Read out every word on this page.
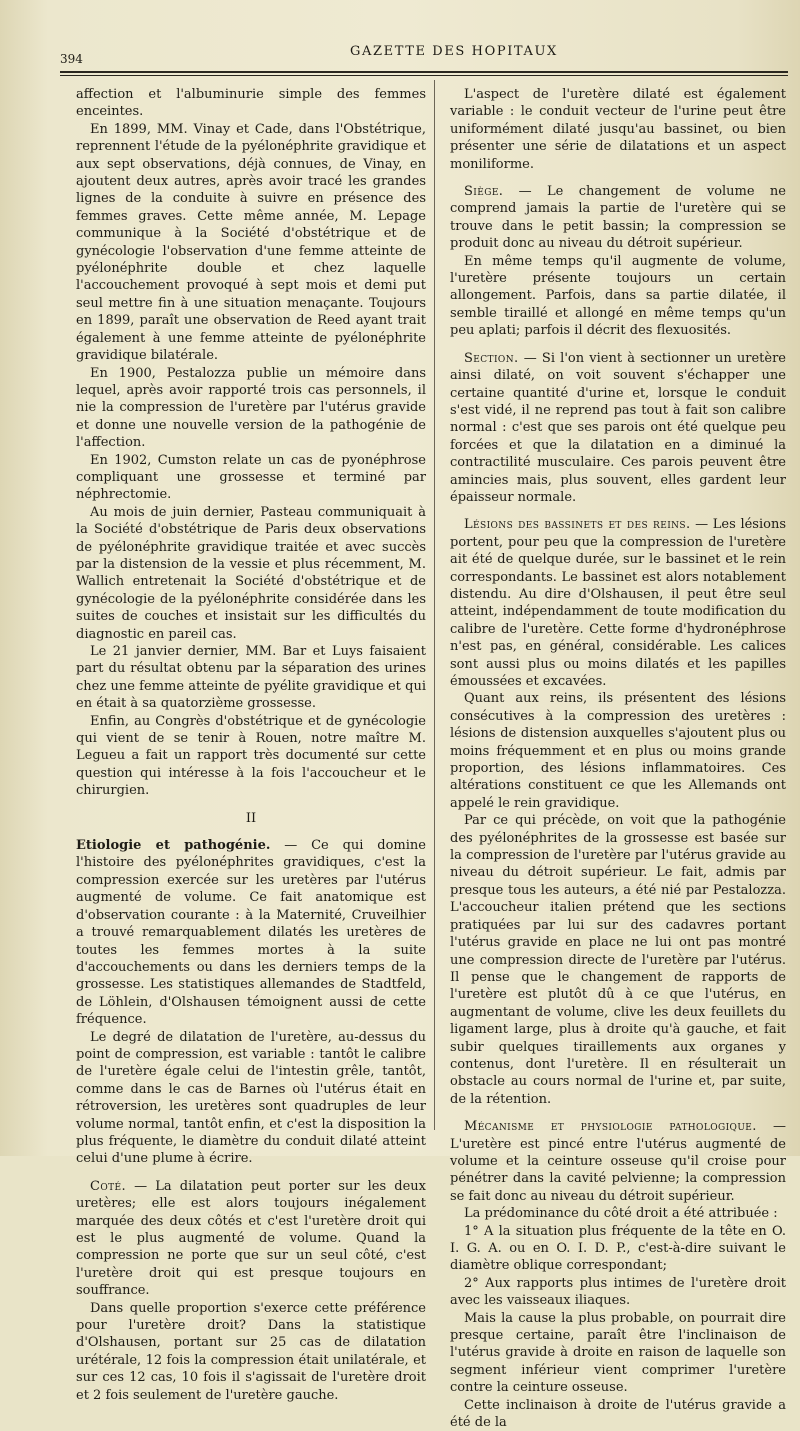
394	GAZETTE DES HOPITAUX

affection et l'albuminurie simple des femmes enceintes.

En 1899, MM. Vinay et Cade, dans l'Obstétrique, reprennent l'étude de la pyélonéphrite gravidique et aux sept observations, déjà connues, de Vinay, en ajoutent deux autres, après avoir tracé les grandes lignes de la conduite à suivre en présence des femmes graves. Cette même année, M. Lepage communique à la Société d'obstétrique et de gynécologie l'observation d'une femme atteinte de pyélonéphrite double et chez laquelle l'accouchement provoqué à sept mois et demi put seul mettre fin à une situation menaçante. Toujours en 1899, paraît une observation de Reed ayant trait également à une femme atteinte de pyélonéphrite gravidique bilatérale.

En 1900, Pestalozza publie un mémoire dans lequel, après avoir rapporté trois cas personnels, il nie la compression de l'uretère par l'utérus gravide et donne une nouvelle version de la pathogénie de l'affection.

En 1902, Cumston relate un cas de pyonéphrose compliquant une grossesse et terminé par néphrectomie.

Au mois de juin dernier, Pasteau communiquait à la Société d'obstétrique de Paris deux observations de pyélonéphrite gravidique traitée et avec succès par la distension de la vessie et plus récemment, M. Wallich entretenait la Société d'obstétrique et de gynécologie de la pyélonéphrite considérée dans les suites de couches et insistait sur les difficultés du diagnostic en pareil cas.

Le 21 janvier dernier, MM. Bar et Luys faisaient part du résultat obtenu par la séparation des urines chez une femme atteinte de pyélite gravidique et qui en était à sa quatorzième grossesse.

Enfin, au Congrès d'obstétrique et de gynécologie qui vient de se tenir à Rouen, notre maître M. Legueu a fait un rapport très documenté sur cette question qui intéresse à la fois l'accoucheur et le chirurgien.

II

Etiologie et pathogénie. — Ce qui domine l'histoire des pyélonéphrites gravidiques, c'est la compression exercée sur les uretères par l'utérus augmenté de volume. Ce fait anatomique est d'observation courante : à la Maternité, Cruveilhier a trouvé remarquablement dilatés les uretères de toutes les femmes mortes à la suite d'accouchements ou dans les derniers temps de la grossesse. Les statistiques allemandes de Stadtfeld, de Löhlein, d'Olshausen témoignent aussi de cette fréquence.

Le degré de dilatation de l'uretère, au-dessus du point de compression, est variable : tantôt le calibre de l'uretère égale celui de l'intestin grêle, tantôt, comme dans le cas de Barnes où l'utérus était en rétroversion, les uretères sont quadruples de leur volume normal, tantôt enfin, et c'est la disposition la plus fréquente, le diamètre du conduit dilaté atteint celui d'une plume à écrire.

Coté. — La dilatation peut porter sur les deux uretères; elle est alors toujours inégalement marquée des deux côtés et c'est l'uretère droit qui est le plus augmenté de volume. Quand la compression ne porte que sur un seul côté, c'est l'uretère droit qui est presque toujours en souffrance.

Dans quelle proportion s'exerce cette préférence pour l'uretère droit? Dans la statistique d'Olshausen, portant sur 25 cas de dilatation urétérale, 12 fois la compression était unilatérale, et sur ces 12 cas, 10 fois il s'agissait de l'uretère droit et 2 fois seulement de l'uretère gauche.

L'aspect de l'uretère dilaté est également variable : le conduit vecteur de l'urine peut être uniformément dilaté jusqu'au bassinet, ou bien présenter une série de dilatations et un aspect moniliforme.

Siège. — Le changement de volume ne comprend jamais la partie de l'uretère qui se trouve dans le petit bassin; la compression se produit donc au niveau du détroit supérieur.

En même temps qu'il augmente de volume, l'uretère présente toujours un certain allongement. Parfois, dans sa partie dilatée, il semble tiraillé et allongé en même temps qu'un peu aplati; parfois il décrit des flexuosités.

Section. — Si l'on vient à sectionner un uretère ainsi dilaté, on voit souvent s'échapper une certaine quantité d'urine et, lorsque le conduit s'est vidé, il ne reprend pas tout à fait son calibre normal : c'est que ses parois ont été quelque peu forcées et que la dilatation en a diminué la contractilité musculaire. Ces parois peuvent être amincies mais, plus souvent, elles gardent leur épaisseur normale.

Lésions des bassinets et des reins. — Les lésions portent, pour peu que la compression de l'uretère ait été de quelque durée, sur le bassinet et le rein correspondants. Le bassinet est alors notablement distendu. Au dire d'Olshausen, il peut être seul atteint, indépendamment de toute modification du calibre de l'uretère. Cette forme d'hydronéphrose n'est pas, en général, considérable. Les calices sont aussi plus ou moins dilatés et les papilles émoussées et excavées.

Quant aux reins, ils présentent des lésions consécutives à la compression des uretères : lésions de distension auxquelles s'ajoutent plus ou moins fréquemment et en plus ou moins grande proportion, des lésions inflammatoires. Ces altérations constituent ce que les Allemands ont appelé le rein gravidique.

Par ce qui précède, on voit que la pathogénie des pyélonéphrites de la grossesse est basée sur la compression de l'uretère par l'utérus gravide au niveau du détroit supérieur. Le fait, admis par presque tous les auteurs, a été nié par Pestalozza. L'accoucheur italien prétend que les sections pratiquées par lui sur des cadavres portant l'utérus gravide en place ne lui ont pas montré une compression directe de l'uretère par l'utérus. Il pense que le changement de rapports de l'uretère est plutôt dû à ce que l'utérus, en augmentant de volume, clive les deux feuillets du ligament large, plus à droite qu'à gauche, et fait subir quelques tiraillements aux organes y contenus, dont l'uretère. Il en résulterait un obstacle au cours normal de l'urine et, par suite, de la rétention.

Mécanisme et physiologie pathologique. — L'uretère est pincé entre l'utérus augmenté de volume et la ceinture osseuse qu'il croise pour pénétrer dans la cavité pelvienne; la compression se fait donc au niveau du détroit supérieur.

La prédominance du côté droit a été attribuée :

1° A la situation plus fréquente de la tête en O. I. G. A. ou en O. I. D. P., c'est-à-dire suivant le diamètre oblique correspondant;

2° Aux rapports plus intimes de l'uretère droit avec les vaisseaux iliaques.

Mais la cause la plus probable, on pourrait dire presque certaine, paraît être l'inclinaison de l'utérus gravide à droite en raison de laquelle son segment inférieur vient comprimer l'uretère contre la ceinture osseuse.

Cette inclinaison à droite de l'utérus gravide a été de la
